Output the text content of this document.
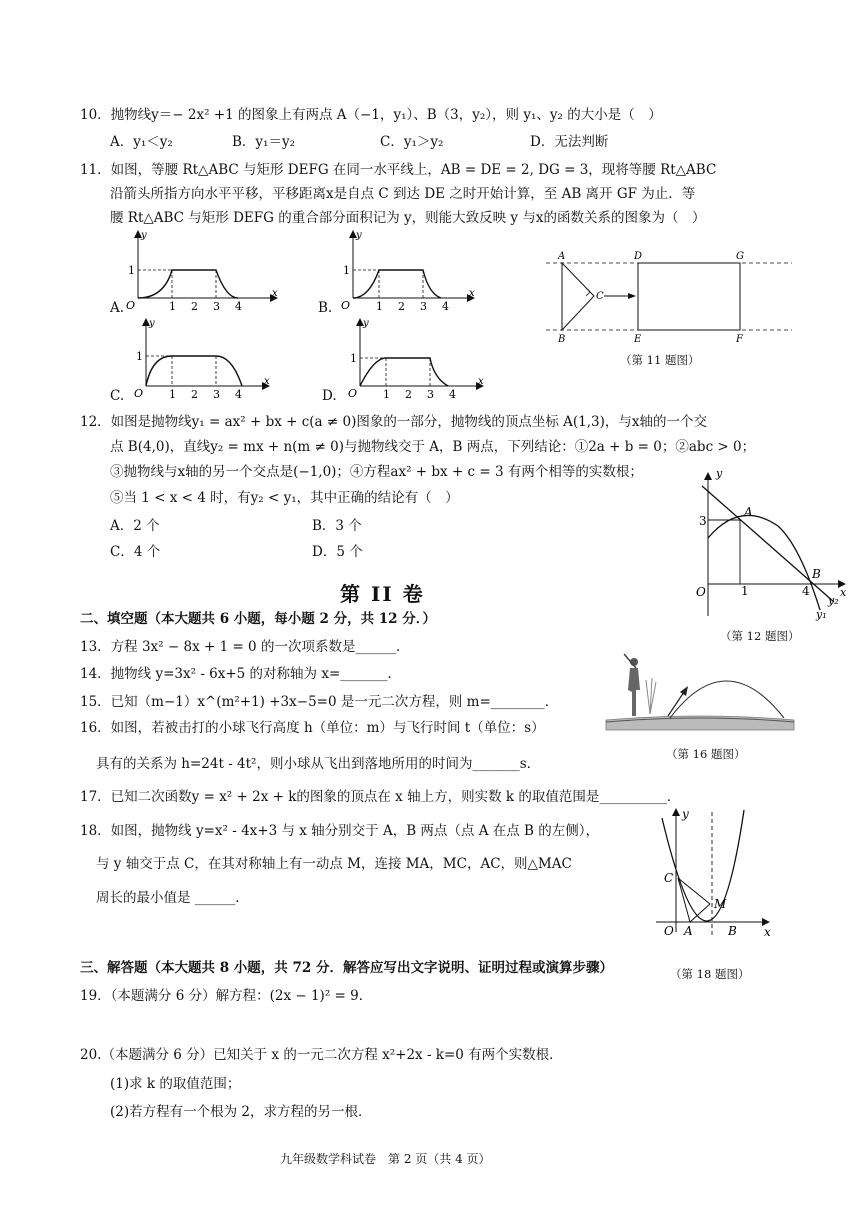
10．抛物线y＝− 2x² +1 的图象上有两点 A（−1，y₁）、B（3，y₂），则 y₁、y₂ 的大小是（　）
A．y₁＜y₂	B．y₁＝y₂	C．y₁＞y₂	D．无法判断
11．如图，等腰 Rt△ABC 与矩形 DEFG 在同一水平线上，AB = DE = 2, DG = 3，现将等腰 Rt△ABC
沿箭头所指方向水平平移，平移距离x是自点 C 到达 DE 之时开始计算，至 AB 离开 GF 为止．等
腰 Rt△ABC 与矩形 DEFG 的重合部分面积记为 y，则能大致反映 y 与x的函数关系的图象为（　）
y
x
O
1
1 2 3 4
A.
y
x
O
1
1 2 3 4
B.
y
x
O
1
1 2 3 4
C.
y
x
O
1
1 2 3 4
D.
A
B
C
D
E	F
G
（第 11 题图）
12．如图是抛物线y₁ = ax² + bx + c(a ≠ 0)图象的一部分，抛物线的顶点坐标 A(1,3)，与x轴的一个交
点 B(4,0)，直线y₂ = mx + n(m ≠ 0)与抛物线交于 A，B 两点，下列结论：①2a + b = 0；②abc > 0；
③抛物线与x轴的另一个交点是(−1,0)；④方程ax² + bx + c = 3 有两个相等的实数根；
⑤当 1 < x < 4 时，有y₂ < y₁，其中正确的结论有（　）
A．2 个	B．3 个
C．4 个	D．5 个
y
x
O	1
3
4
A
B
y₂
y₁
（第 12 题图）
第 II 卷
二、填空题（本大题共 6 小题，每小题 2 分，共 12 分．）
13．方程 3x² − 8x + 1 = 0 的一次项系数是______．
14．抛物线 y=3x² - 6x+5 的对称轴为 x=_______．
15．已知（m−1）x^(m²+1) +3x−5=0 是一元二次方程，则 m=________．
16．如图，若被击打的小球飞行高度 h（单位：m）与飞行时间 t（单位：s）
具有的关系为 h=24t - 4t²，则小球从飞出到落地所用的时间为_______s．
（第 16 题图）
17．已知二次函数y = x² + 2x + k的图象的顶点在 x 轴上方，则实数 k 的取值范围是__________．
18．如图，抛物线 y=x² - 4x+3 与 x 轴分别交于 A，B 两点（点 A 在点 B 的左侧），
与 y 轴交于点 C，在其对称轴上有一动点 M，连接 MA，MC，AC，则△MAC
周长的最小值是 ______．
y
x
O A	B
C
M
（第 18 题图）
三、解答题（本大题共 8 小题，共 72 分．解答应写出文字说明、证明过程或演算步骤）
19．（本题满分 6 分）解方程：(2x − 1)² = 9．
20.（本题满分 6 分）已知关于 x 的一元二次方程 x²+2x - k=0 有两个实数根．
(1)求 k 的取值范围；
(2)若方程有一个根为 2，求方程的另一根．
九年级数学科试卷　第 2 页（共 4 页）
